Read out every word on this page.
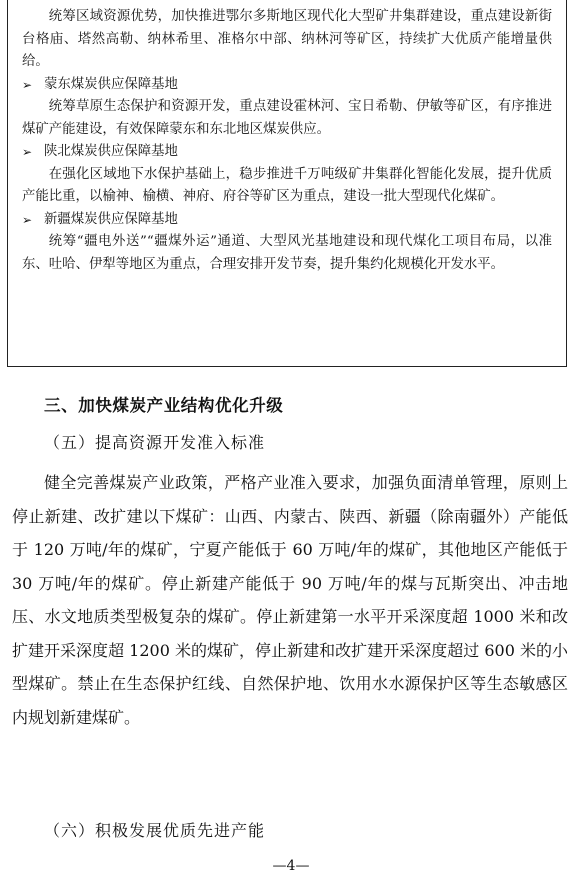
统筹区域资源优势，加快推进鄂尔多斯地区现代化大型矿井集群建设，重点建设新街台格庙、塔然高勒、纳林希里、准格尔中部、纳林河等矿区，持续扩大优质产能增量供给。

➢ 蒙东煤炭供应保障基地

统筹草原生态保护和资源开发，重点建设霍林河、宝日希勒、伊敏等矿区，有序推进煤矿产能建设，有效保障蒙东和东北地区煤炭供应。

➢ 陕北煤炭供应保障基地

在强化区域地下水保护基础上，稳步推进千万吨级矿井集群化智能化发展，提升优质产能比重，以榆神、榆横、神府、府谷等矿区为重点，建设一批大型现代化煤矿。

➢ 新疆煤炭供应保障基地

统筹“疆电外送”“疆煤外运”通道、大型风光基地建设和现代煤化工项目布局，以准东、吐哈、伊犁等地区为重点，合理安排开发节奏，提升集约化规模化开发水平。

三、加快煤炭产业结构优化升级
（五）提高资源开发准入标准

健全完善煤炭产业政策，严格产业准入要求，加强负面清单管理，原则上停止新建、改扩建以下煤矿：山西、内蒙古、陕西、新疆（除南疆外）产能低于 120 万吨/年的煤矿，宁夏产能低于 60 万吨/年的煤矿，其他地区产能低于 30 万吨/年的煤矿。停止新建产能低于 90 万吨/年的煤与瓦斯突出、冲击地压、水文地质类型极复杂的煤矿。停止新建第一水平开采深度超 1000 米和改扩建开采深度超 1200 米的煤矿，停止新建和改扩建开采深度超过 600 米的小型煤矿。禁止在生态保护红线、自然保护地、饮用水水源保护区等生态敏感区内规划新建煤矿。

（六）积极发展优质先进产能
—4—
